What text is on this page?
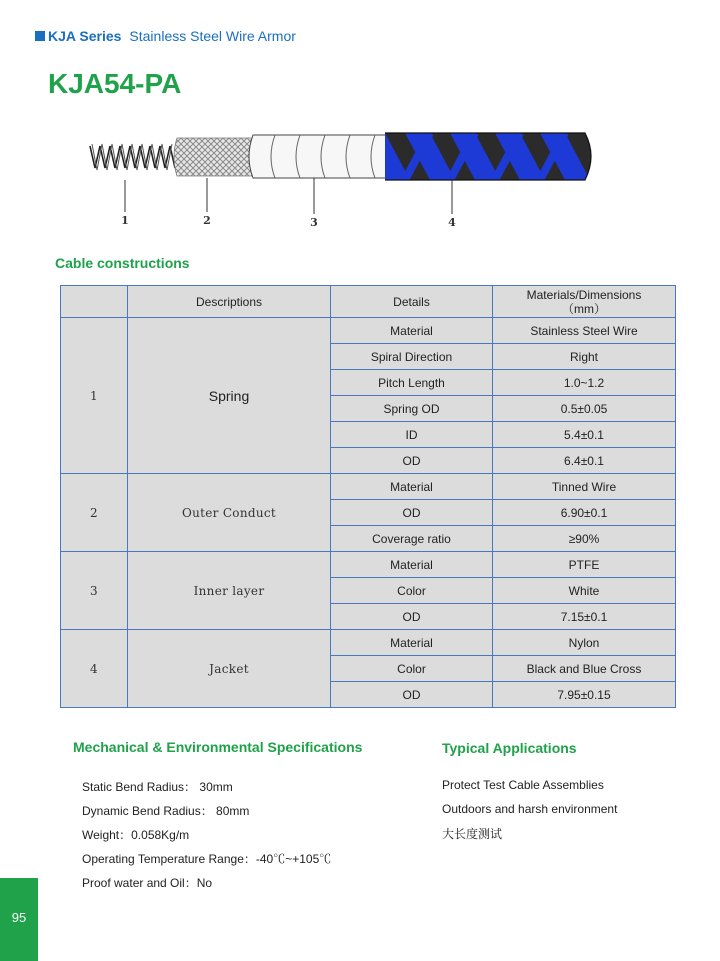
KJA Series Stainless Steel Wire Armor
KJA54-PA
1	2	3	4
Cable constructions
	Descriptions	Details	Materials/Dimensions
（mm）
1	Spring	Material	Stainless Steel Wire
		Spiral Direction	Right
		Pitch Length	1.0~1.2
		Spring OD	0.5±0.05
		ID	5.4±0.1
		OD	6.4±0.1
2	Outer Conduct	Material	Tinned Wire
		OD	6.90±0.1
		Coverage ratio	≥90%
3	Inner layer	Material	PTFE
		Color	White
		OD	7.15±0.1
4	Jacket	Material	Nylon
		Color	Black and Blue Cross
		OD	7.95±0.15
Mechanical & Environmental Specifications
Static Bend Radius： 30mm
Dynamic Bend Radius： 80mm
Weight：0.058Kg/m
Operating Temperature Range：-40℃~+105℃
Proof water and Oil：No
Typical Applications
Protect Test Cable Assemblies
Outdoors and harsh environment
大长度测试
95
